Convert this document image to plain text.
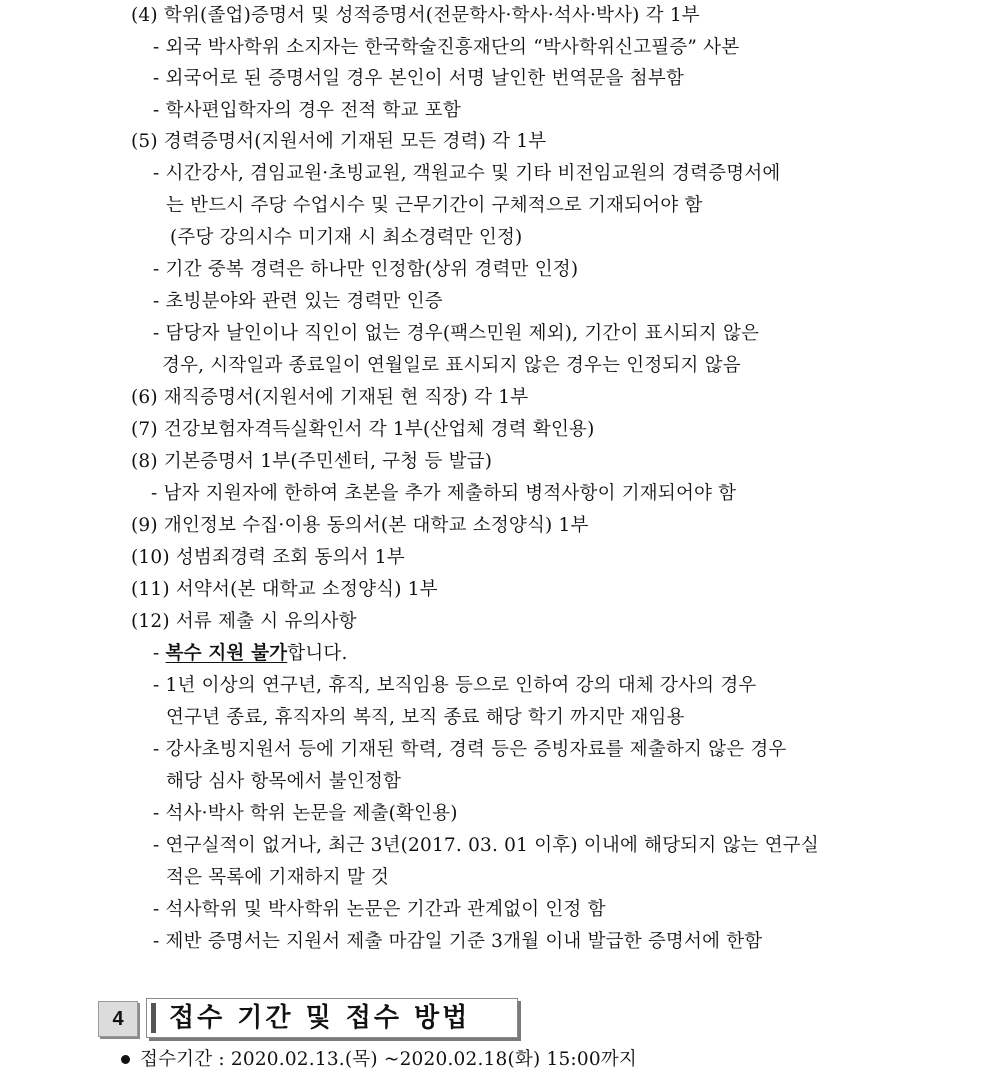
(4) 학위(졸업)증명서 및 성적증명서(전문학사·학사·석사·박사) 각 1부
- 외국 박사학위 소지자는 한국학술진흥재단의 “박사학위신고필증” 사본
- 외국어로 된 증명서일 경우 본인이 서명 날인한 번역문을 첨부함
- 학사편입학자의 경우 전적 학교 포함
(5) 경력증명서(지원서에 기재된 모든 경력) 각 1부
- 시간강사, 겸임교원·초빙교원, 객원교수 및 기타 비전임교원의 경력증명서에
는 반드시 주당 수업시수 및 근무기간이 구체적으로 기재되어야 함
(주당 강의시수 미기재 시 최소경력만 인정)
- 기간 중복 경력은 하나만 인정함(상위 경력만 인정)
- 초빙분야와 관련 있는 경력만 인증
- 담당자 날인이나 직인이 없는 경우(팩스민원 제외), 기간이 표시되지 않은
경우, 시작일과 종료일이 연월일로 표시되지 않은 경우는 인정되지 않음
(6) 재직증명서(지원서에 기재된 현 직장) 각 1부
(7) 건강보험자격득실확인서 각 1부(산업체 경력 확인용)
(8) 기본증명서 1부(주민센터, 구청 등 발급)
- 남자 지원자에 한하여 초본을 추가 제출하되 병적사항이 기재되어야 함
(9) 개인정보 수집·이용 동의서(본 대학교 소정양식) 1부
(10) 성범죄경력 조회 동의서 1부
(11) 서약서(본 대학교 소정양식) 1부
(12) 서류 제출 시 유의사항
- 복수 지원 불가합니다.
- 1년 이상의 연구년, 휴직, 보직임용 등으로 인하여 강의 대체 강사의 경우
연구년 종료, 휴직자의 복직, 보직 종료 해당 학기 까지만 재임용
- 강사초빙지원서 등에 기재된 학력, 경력 등은 증빙자료를 제출하지 않은 경우
해당 심사 항목에서 불인정함
- 석사·박사 학위 논문을 제출(확인용)
- 연구실적이 없거나, 최근 3년(2017. 03. 01 이후) 이내에 해당되지 않는 연구실
적은 목록에 기재하지 말 것
- 석사학위 및 박사학위 논문은 기간과 관계없이 인정 함
- 제반 증명서는 지원서 제출 마감일 기준 3개월 이내 발급한 증명서에 한함
4	접수 기간 및 접수 방법
접수기간 : 2020.02.13.(목) ~2020.02.18(화) 15:00까지
